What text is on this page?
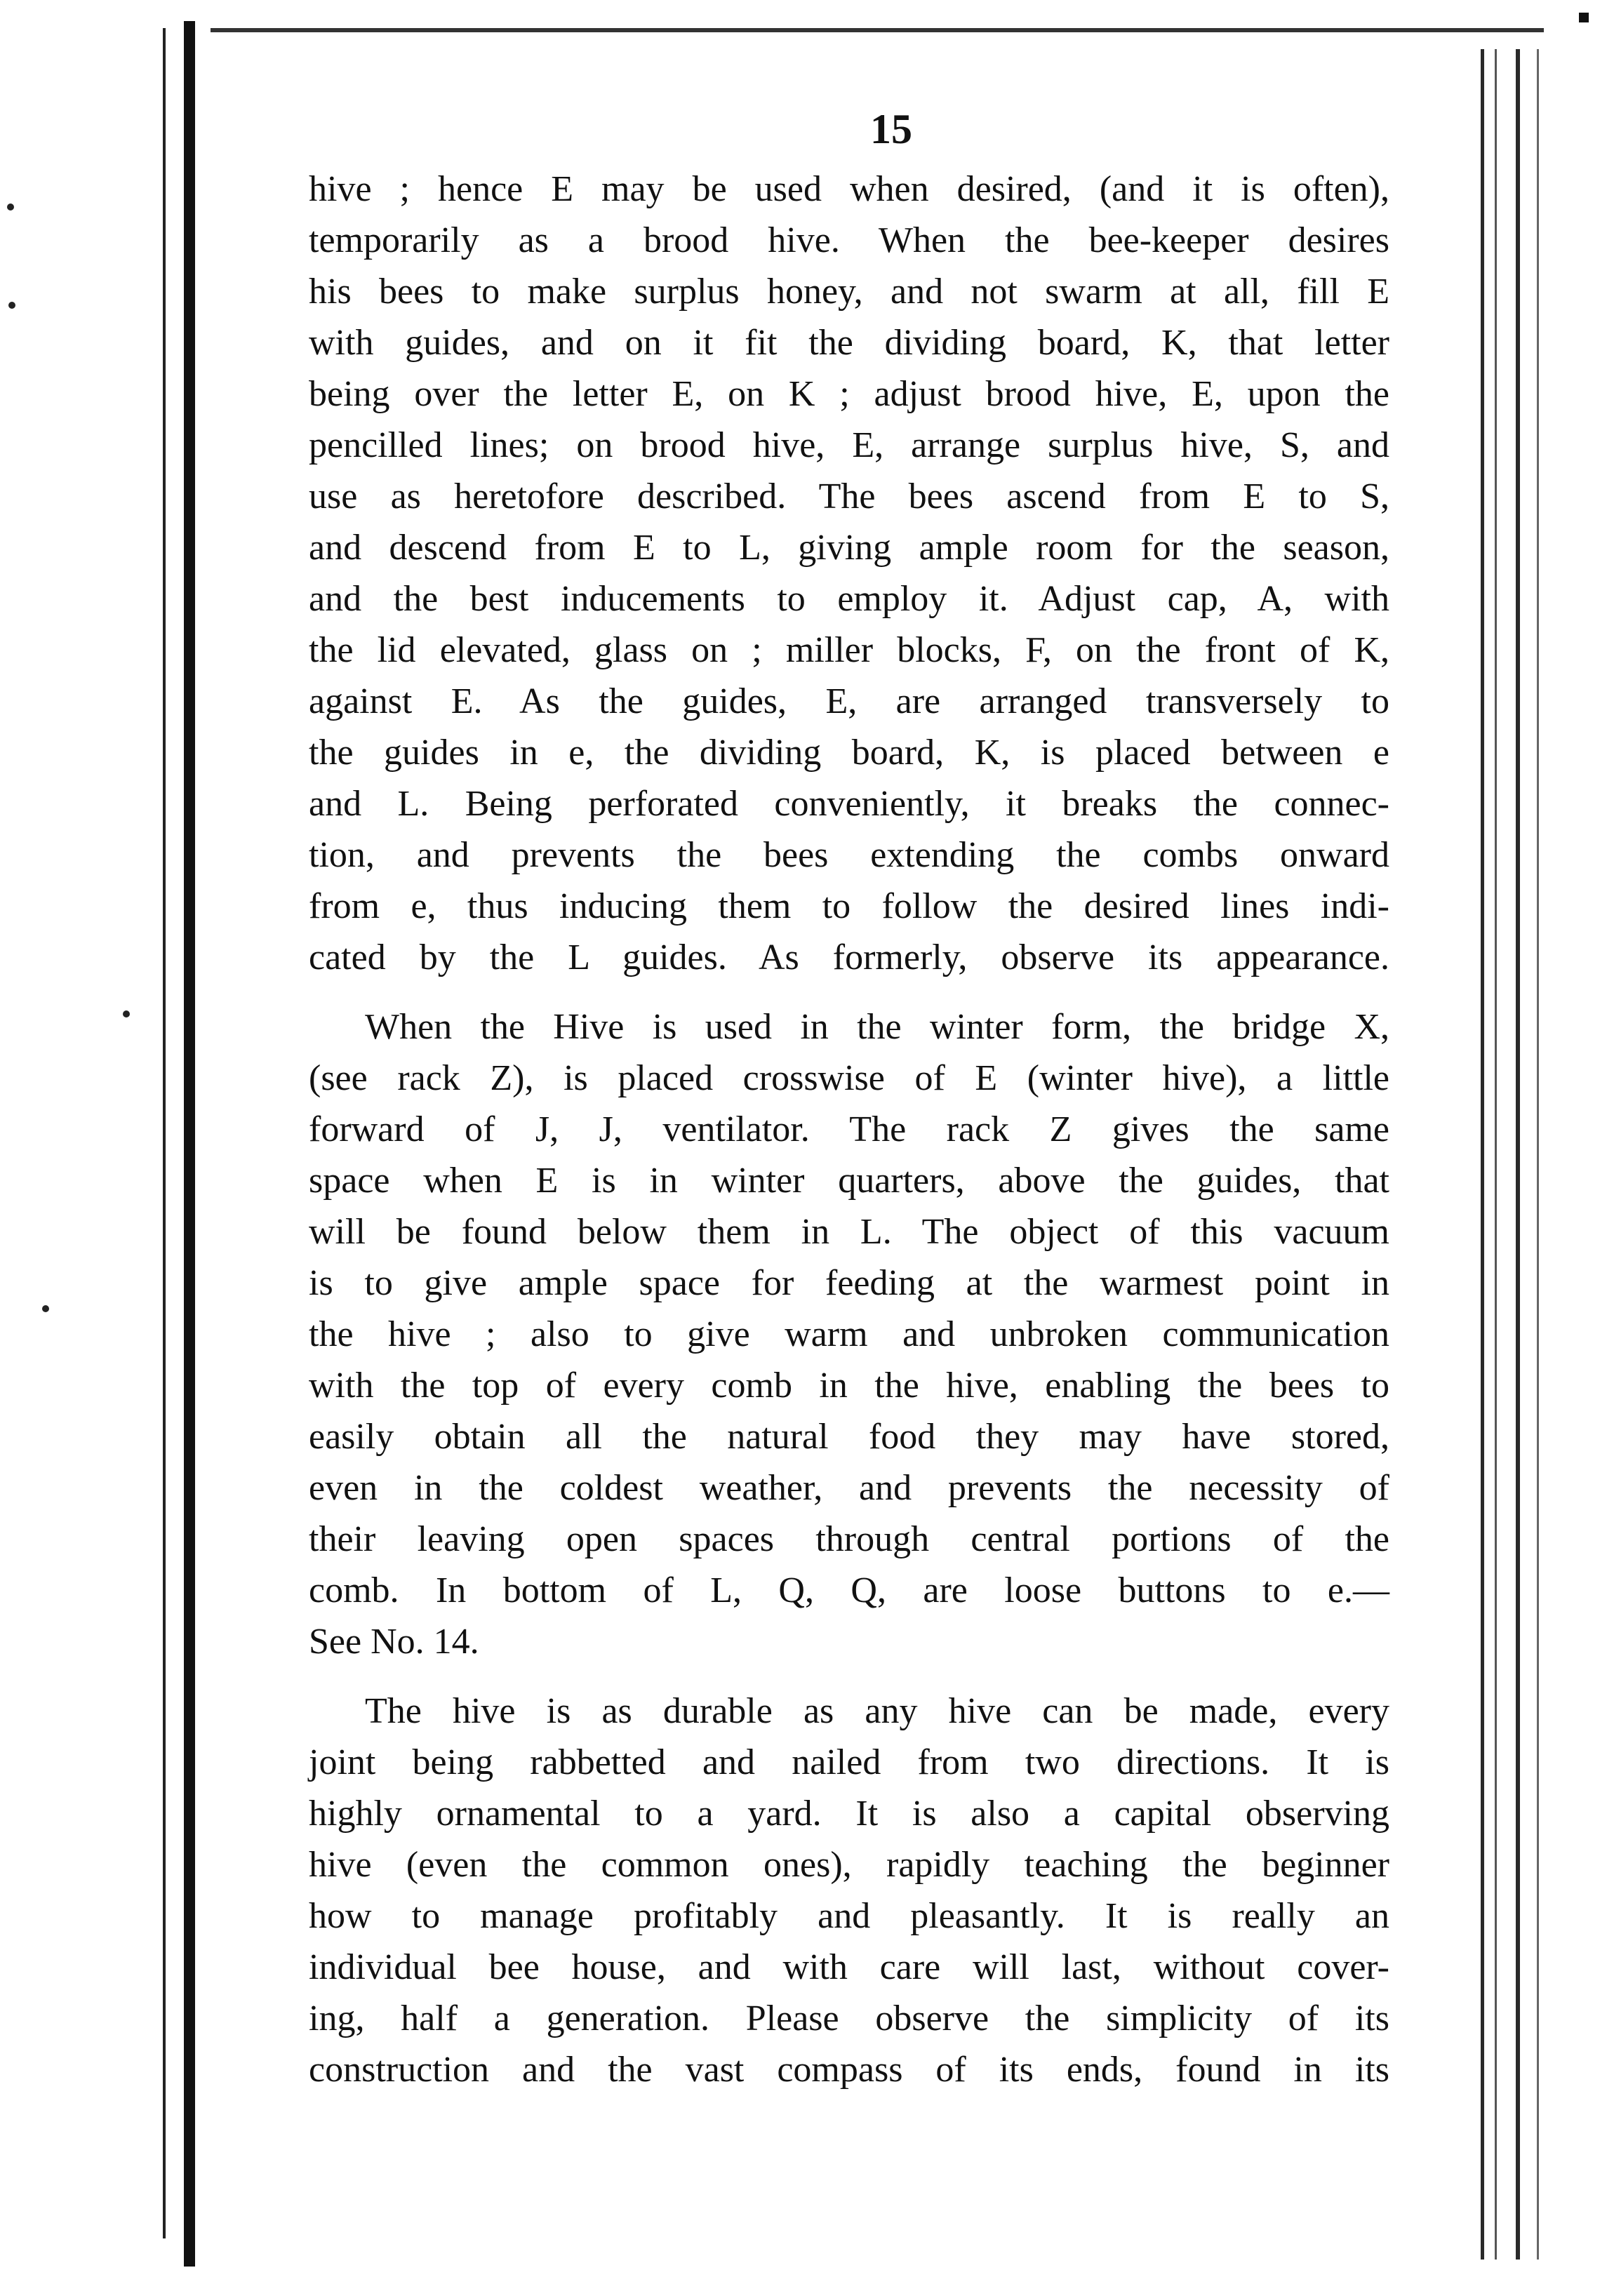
15

hive ; hence E may be used when desired, (and it is often),
temporarily as a brood hive. When the bee-keeper desires
his bees to make surplus honey, and not swarm at all, fill E
with guides, and on it fit the dividing board, K, that letter
being over the letter E, on K ; adjust brood hive, E, upon the
pencilled lines; on brood hive, E, arrange surplus hive, S, and
use as heretofore described. The bees ascend from E to S,
and descend from E to L, giving ample room for the season,
and the best inducements to employ it. Adjust cap, A, with
the lid elevated, glass on ; miller blocks, F, on the front of K,
against E. As the guides, E, are arranged transversely to
the guides in e, the dividing board, K, is placed between e
and L. Being perforated conveniently, it breaks the connec-
tion, and prevents the bees extending the combs onward
from e, thus inducing them to follow the desired lines indi-
cated by the L guides. As formerly, observe its appearance.

When the Hive is used in the winter form, the bridge X,
(see rack Z), is placed crosswise of E (winter hive), a little
forward of J, J, ventilator. The rack Z gives the same
space when E is in winter quarters, above the guides, that
will be found below them in L. The object of this vacuum
is to give ample space for feeding at the warmest point in
the hive ; also to give warm and unbroken communication
with the top of every comb in the hive, enabling the bees to
easily obtain all the natural food they may have stored,
even in the coldest weather, and prevents the necessity of
their leaving open spaces through central portions of the
comb. In bottom of L, Q, Q, are loose buttons to e.—
See No. 14.

The hive is as durable as any hive can be made, every
joint being rabbetted and nailed from two directions. It is
highly ornamental to a yard. It is also a capital observing
hive (even the common ones), rapidly teaching the beginner
how to manage profitably and pleasantly. It is really an
individual bee house, and with care will last, without cover-
ing, half a generation. Please observe the simplicity of its
construction and the vast compass of its ends, found in its
